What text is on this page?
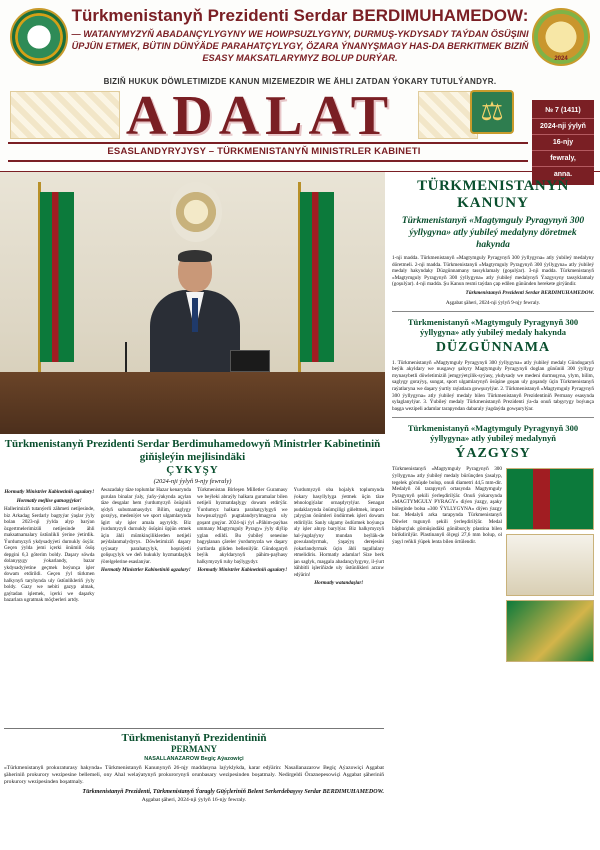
2024
Türkmenistanyň Prezidenti Serdar BERDIMUHAMEDOW:
— WATANYMYZYŇ ABADANÇYLYGYNY WE HOWPSUZLYGYNY, DURMUŞ-YKDYSADY TAÝDAN ÖSÜŞINI ÜPJÜN ETMEK, BÜTIN DÜNÝÄDE PARAHATÇYLYGY, ÖZARA ÝNANYŞMAGY HAS-DA BERKITMEK BIZIŇ ESASY MAKSATLARYMYZ BOLUP DURÝAR.
BIZIŇ HUKUK DÖWLETIMIZDE KANUN MIZEMEZDIR WE ÄHLI ZATDAN ÝOKARY TUTULÝANDYR.
ADALAT	⚖
ESASLANDYRYJYSY – TÜRKMENISTANYŇ MINISTRLER KABINETI
№ 7 (1411)
2024-nji ýylyň
16-njy
fewraly,
anna.
TÜRKMENISTANYŇ
KANUNY
Türkmenistanyň «Magtymguly Pyragynyň 300 ýyllygyna» atly ýubileý medalyny döretmek hakynda
1-nji madda. Türkmenistanyň «Magtymguly Pyragynyň 300 ýyllygyna» atly ýubileý medalyny döretmeli. 2-nji madda. Türkmenistanyň «Magtymguly Pyragynyň 300 ýyllygyna» atly ýubileý medaly hakyndaky Düzgünnamany tassyklamaly (goşulýar). 3-nji madda. Türkmenistanyň «Magtymguly Pyragynyň 300 ýyllygyna» atly ýubileý medalynyň Ýazgysyny tassyklamaly (goşulýar). 4-nji madda. Şu Kanun resmi taýdan çap edilen gününden herekete girýändir.
Türkmenistanyň Prezidenti Serdar BERDIMUHAMEDOW.
Aşgabat şäheri, 2024-nji ýylyň 9-njy fewraly.
Türkmenistanyň «Magtymguly Pyragynyň 300 ýyllygyna» atly ýubileý medaly hakynda
DÜZGÜNNAMA
1. Türkmenistanyň «Magtymguly Pyragynyň 300 ýyllygyna» atly ýubileý medaly Gündogaryň beýik akyldary we nusgawy şahyry Magtymguly Pyragynyň doglan gününiň 300 ýyllygy mynasybetli döwletimiziň jemgyýetçilik-syýasy, ykdysady we medeni durmuşyna, ylym, bilim, saglygy goraýyş, sungat, sport ulgamlarynyň ösüşine goşan uly goşandy üçin Türkmenistanyň raýatlaryna we daşary ýurtly raýatlara gowşurylýar. 2. Türkmenistanyň «Magtymguly Pyragynyň 300 ýyllygyna» atly ýubileý medaly bilen Türkmenistanyň Prezidentiniň Permany esasynda sylaglanylýar. 3. Ýubileý medaly Türkmenistanyň Prezidenti ýa-da onuň tabşyrygy boýunça başga wezipeli adamlar tarapyndan dabaraly ýagdaýda gowşurylýar.
Türkmenistanyň «Magtymguly Pyragynyň 300 ýyllygyna» atly ýubileý medalynyň
ÝAZGYSY
Türkmenistanyň «Magtymguly Pyragynyň 300 ýyllygyna» atly ýubileý medaly bürünçden ýasalyp, tegelek görnüşde bolup, onuň diametri 44,5 mm-dir. Medalyň öň tarapynyň ortasynda Magtymguly Pyragynyň şekili ýerleşdirilýär. Onuň ýokarsynda «MAGTYMGULY PYRAGY» diýen ýazgy, aşaky böleginde bolsa «300 ÝYLLYGYNA» diýen ýazgy bar. Medalyň arka tarapynda Türkmenistanyň Döwlet tugunyň şekili ýerleşdirilýär. Medal bäşburçluk görnüşindäki gönüburçly plastina bilen birikdirilýär. Plastinanyň ölçegi 27,6 mm bolup, ol ýaşyl reňkli ýüpek lenta bilen örtülendir.
Türkmenistanyň Prezidenti Serdar Berdimuhamedowyň Ministrler Kabinetiniň giňişleýin mejlisindäki
ÇYKYŞY
(2024-nji ýylyň 9-njy fewraly)
Hormatly Ministrler Kabinetiniň agzalary!
Hormatly mejlise gatnaşyjylar!
Hallerimiziň tutanýerli zähmeti netijesinde, biz Arkadag Serdarly bagtyýar ýaşlar ýyly bolan 2023-nji ýylda alyp barýan özgertmelerimiziň netijesinde ähli maksatnamalary üstünlikli ýerine ýetirdik. Ýurdumyzyň ykdysadyýeti durnukly ösýär. Geçen ýylda jemi içerki önümiň ösüş depgini 6,3 göterim boldy. Daşary söwda dolanyşygy ýokarlandy, bazar ykdysadyýetine geçmek boýunça işler dowam etdirildi. Geçen ýyl türkmen halkynyň taryhynda uly üstünlikleriň ýyly boldy. Gazy we nebiti gazyp almak, gaýtadan işlemek, içerki we daşarky bazarlara ugratmak möçberleri artdy.
Awazadaky täze toplumlar Hazar kenarynda gurulan binalar ýaly, ýaňy-ýakynda açylan täze desgalar hem ýurdumyzyň ösüşiniň aýdyň subutnamasydyr. Bilim, saglygy goraýyş, medeniýet we sport ulgamlarynda ägirt uly işler amala aşyryldy. Biz ýurdumyzyň durnukly ösüşini üpjün etmek üçin ähli mümkinçiliklerden netijeli peýdalanmalydyrys. Döwletimiziň daşary syýasaty parahatçylyk, hoşniýetli goňşuçylyk we deň hukukly hyzmatdaşlyk ýörelgelerine esaslanýar.
Hormatly Ministrler Kabinetiniň agzalary!
Türkmenistan Birleşen Milletler Guramasy we beýleki abraýly halkara guramalar bilen netijeli hyzmatdaşlygy dowam etdirýär. Ýurdumyz halkara parahatçylygyň we howpsuzlygyň pugtalandyrylmagyna uly goşant goşýar. 2024-nji ýyl «Pähim-paýhas ummany Magtymguly Pyragy» ýyly diýlip yglan edildi. Bu ýubileý senesine bagyşlanan çäreler ýurdumyzda we daşary ýurtlarda giňden bellenilýär. Gündogaryň beýik akyldarynyň pähim-paýhasy halkymyzyň ruhy baýlygydyr.
Hormatly Ministrler Kabinetiniň agzalary!
Ýurdumyzyň oba hojalyk toplumynda ýokary hasyllylyga ýetmek üçin täze tehnologiýalar ornaşdyrylýar. Senagat pudaklarynda önümçiligi giňeltmek, import çalyşýan önümleri öndürmek işleri dowam etdirilýär. Sanly ulgamy ösdürmek boýunça uly işler alnyp barylýar. Biz halkymyzyň hal-ýagdaýyny mundan beýläk-de gowulandyrmak, ýaşaýyş derejesini ýokarlandyrmak üçin ähli tagallalary etmelidiris. Hormatly adamlar! Size berk jan saglyk, maşgala abadançylygyny, il-ýurt bähbitli işleriňizde uly üstünlikleri arzuw edýärin!
Hormatly watandaşlar!
Türkmenistanyň Prezidentiniň
PERMANY
NASALLANAZAROW Begiç Aýazowiçi
«Türkmenistanyň prokuraturasy hakynda» Türkmenistanyň Kanunynyň 26-njy maddasyna laýyklykda, karar edýärin: Nasallanazarow Begiç Aýazowiçi Aşgabat şäheriniň prokurory wezipesine bellemeli, ony Ahal welaýatynyň prokurorynyň orunbasary wezipesinden boşatmaly. Nedirgeldi Öraznepesowiçi Aşgabat şäheriniň prokurory wezipesinden boşatmaly.
Türkmenistanyň Prezidenti, Türkmenistanyň Ýaragly Güýçleriniň Belent Serkerdebaşysy Serdar BERDIMUHAMEDOW.
Aşgabat şäheri, 2024-nji ýylyň 16-njy fewraly.
